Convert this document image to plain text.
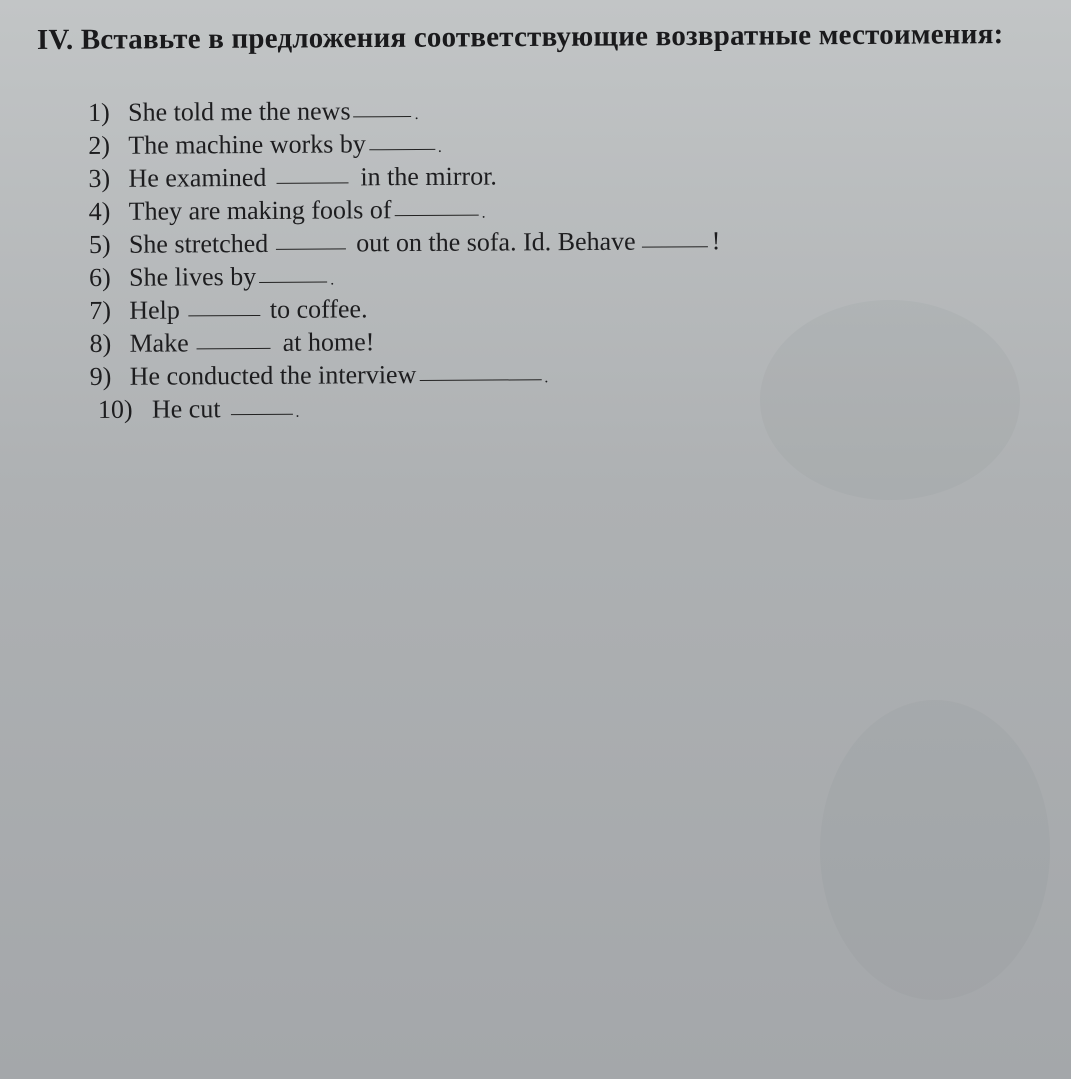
IV. Вставьте в предложения соответствующие возвратные местоимения:
1) She told me the news	.
2) The machine works by	.
3) He examined	in the mirror.
4) They are making fools of	.
5) She stretched	out on the sofa. Id. Behave	!
6) She lives by	.
7) Help	to coffee.
8) Make	at home!
9) He conducted the interview	.
10) He cut	.
